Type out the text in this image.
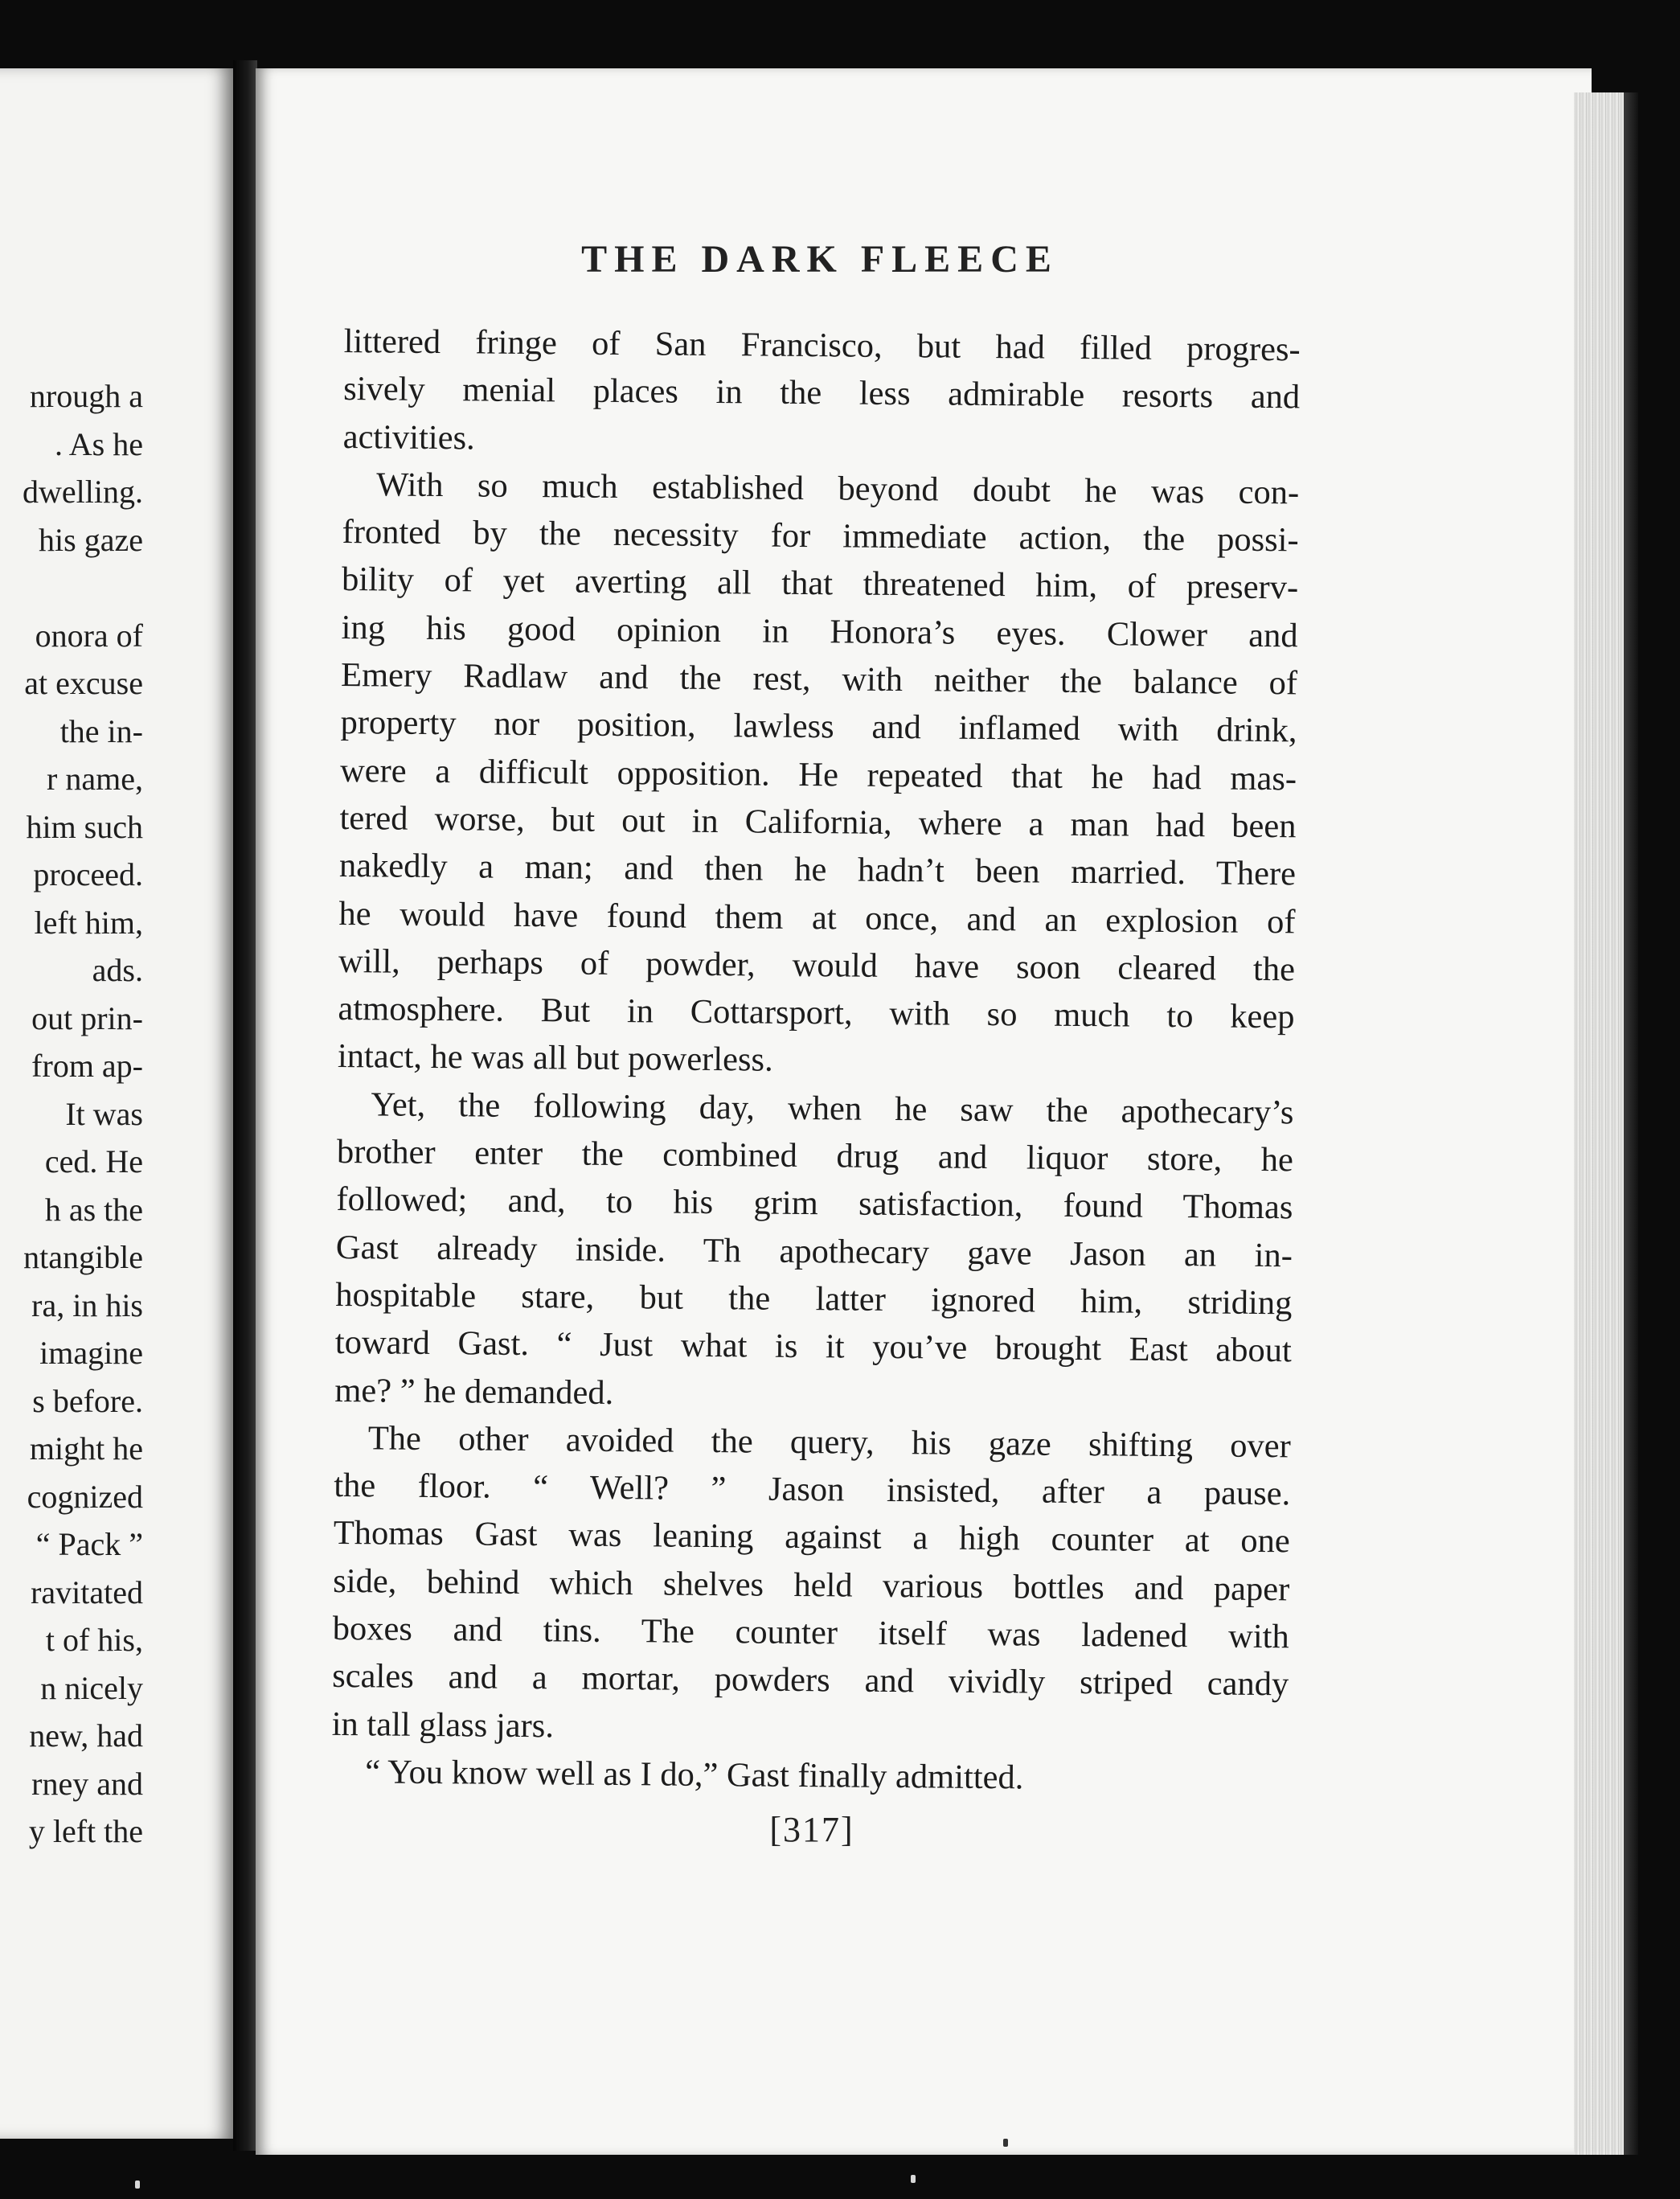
nrough a
. As he
dwelling.
his gaze
onora of
at excuse
the in-
r name,
him such
proceed.
left him,
ads.
out prin-
from ap-
It was
ced. He
h as the
ntangible
ra, in his
imagine
s before.
might he
cognized
“ Pack ”
ravitated
t of his,
n nicely
new, had
rney and
y left the
THE DARK FLEECE
littered fringe of San Francisco, but had filled progres-
sively menial places in the less admirable resorts and
activities.
With so much established beyond doubt he was con-
fronted by the necessity for immediate action, the possi-
bility of yet averting all that threatened him, of preserv-
ing his good opinion in Honora’s eyes. Clower and
Emery Radlaw and the rest, with neither the balance of
property nor position, lawless and inflamed with drink,
were a difficult opposition. He repeated that he had mas-
tered worse, but out in California, where a man had been
nakedly a man; and then he hadn’t been married. There
he would have found them at once, and an explosion of
will, perhaps of powder, would have soon cleared the
atmosphere. But in Cottarsport, with so much to keep
intact, he was all but powerless.
Yet, the following day, when he saw the apothecary’s
brother enter the combined drug and liquor store, he
followed; and, to his grim satisfaction, found Thomas
Gast already inside. Th apothecary gave Jason an in-
hospitable stare, but the latter ignored him, striding
toward Gast. “ Just what is it you’ve brought East about
me? ” he demanded.
The other avoided the query, his gaze shifting over
the floor. “ Well? ” Jason insisted, after a pause.
Thomas Gast was leaning against a high counter at one
side, behind which shelves held various bottles and paper
boxes and tins. The counter itself was ladened with
scales and a mortar, powders and vividly striped candy
in tall glass jars.
“ You know well as I do,” Gast finally admitted.
[317]
